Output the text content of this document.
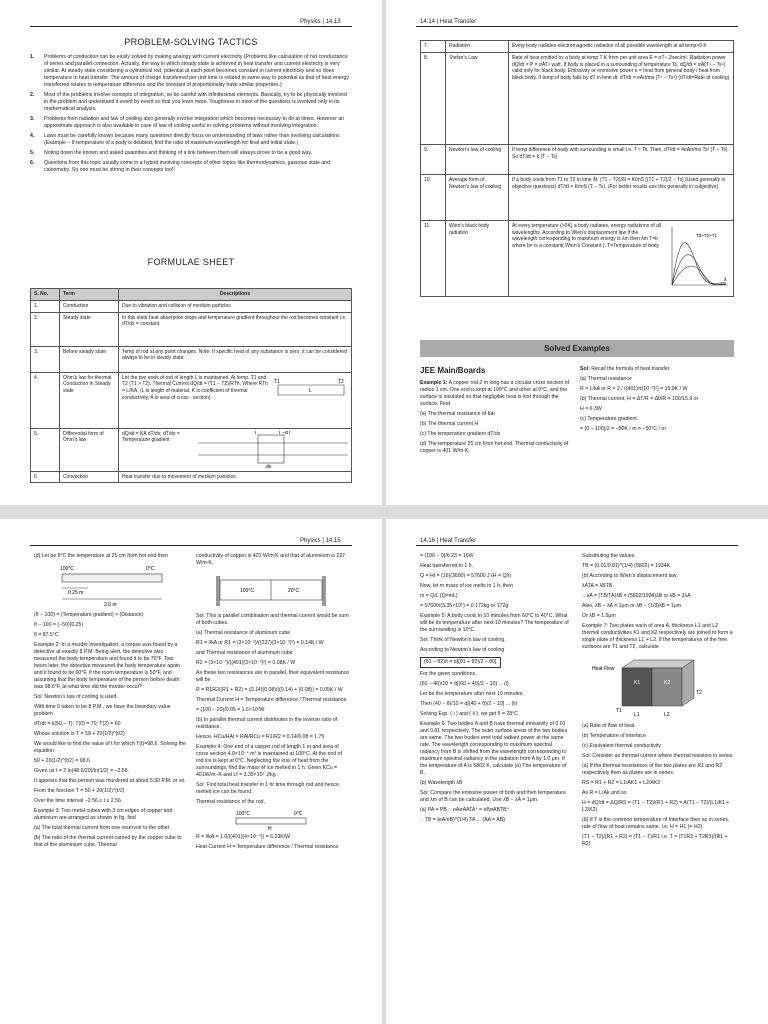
Physics | 14.13
PROBLEM-SOLVING TACTICS
1.	Problems of conduction can be easily solved by making analogy with current electricity (Problems like calculation of net conductance of series and parallel connection. Actually, the way in which steady state is achieved in heat transfer and current electricity is very similar. At steady state considering a cylindrical rod, potential at each point becomes constant in current electricity and so does temperature in heat transfer. The amount of charge transferred per unit time is related in same way to potential as that of heat energy transferred relates to temperature difference and the constant of proportionality have similar properties.)
2.	Most of the problems involve concepts of integration, so be careful with infinitesimal elements. Basically, try to be physically involved in the problem and understand it event by event so that you learn more. Toughness in most of the questions is involved only in its mathematical analysis.
3.	Problems from radiation and law of cooling also generally involve integration which becomes necessary to do at times. However an approximate approach is also available in case of law of cooling useful in solving problems without involving integration.
4.	Laws must be carefully known because many questions directly focus on understanding of laws rather than involving calculations (Example – If temperature of a body is doubled, find the ratio of maximum wavelength for final and initial state.)
5.	Noting down the known and asked quantities and thinking of a link between them will always prove to be a good way.
6.	Questions from this topic usually come in a hybrid involving concepts of other topics like thermodynamics, gaseous state and calorimetry. So one must be strong in their concepts too!!
FORMULAE SHEET
S. No.	Term	Descriptions
1.	Conduction	Due to vibration and collision of medium particles.
2.	Steady state	In this state heat absorption stops and temperature gradient throughout the rod becomes constant i.e. dT/dx = constant.
3.	Before steady state	Temp of rod at any point changes. Note: If specific heat of any substance is zero, it can be considered always to be in steady state.
4.	Ohm's law for thermal Conduction in Steady state	Let the two ends of rod of length L is maintained. At temp. T1 and T2 (T1 > T2). Thermal Current dQ/dt = (T1 − T2)/RTh, Where RTh = L/KA. (L is length of material, K is coefficient of thermal conductivity, A is area of cross - section)
T1 T2
L

5.	Differential form of Ohm's law	dQ/dt = KA dT/dx; dT/dx = Temperature gradient
T T –dT
dx

6.	Convection	Heat transfer due to movement of medium particles.
14.14 | Heat Transfer
7.	Radiation	Every body radiates electromagnetic radiation of all possible wavelength at all temp>0 K
8.	Stefan's Law	Rate of heat emitted by a body at temp T K from per unit area E = σT⁴ J/sec/m². Radiation power dQ/dt = P = σAT⁴ watt. If body is placed in a surrounding of temperature Ts, dQ/dt = σA(T⁴ − Ts⁴) valid only for black body. Emissivity or emmisive power e = heat from general body / heat from black body. If temp of body falls by dT in time dt: dT/dt = eAσ/ms (T⁴ − Ts⁴) (dT/dt=Rate of cooling)
9.	Newton's law of cooling	If temp difference of body with surrounding is small i.e. T ≈ Ts. Then, dT/dt = 4eAσ/ms Ts³ (T − Ts). So dT/dt = k (T − Ts)
10.	Average form of Newton's law of cooling	If a body cools from T1 to T2 in time δt: (T1 − T2)/δt = K/mS [(T1 + T2)/2 − Ts] (Used generally in objective questions) dT/dt = K/mS (T − Ts). (For better results use this generally in subjective)
11.	Wien's black body radiation	At every temperature (>0K) a body radiates, energy radiations of all wavelengths. According to Wien's displacement law if the wavelength corresponding to maximum energy is λm then λm T=b where b= is a constant( Wien's Constant ). T=Temperature of body
T3>T2>T1
λ
Solved Examples
JEE Main/Boards

Example 1: A copper rod 2 m long has a circular cross section of radius 1 cm. One end is kept at 100°C and other at 0°C, and the surface is insulated so that negligible heat is lost through the surface. Find

(a) The thermal resistance of bar

(b) The thermal current H

(c) The temperature gradient dT/dx

(d) The temperature 25 cm from hot end. Thermal conductivity of copper is 401 W/m-K.

Sol: Recall the formula of heat transfer.

(a) Thermal resistance

R = L/kA or R = 2 / ((401)π(10⁻²)²) = 15.9K / W

(b) Thermal current, H = ΔT/R = Δθ/R = 100/15.9 or

H = 6.3W

(c) Temperature gradient.

= (0 − 100)/2 = −50K / m = −50°C / m

Physics | 14.15

(d) Let be θ°C the temperature at 25 cm from hot end then

100°C	0°C
0.25 m
2.0 m

(θ − 100) = (Temperature gradient) × (Distance)

θ − 100 = (−50)(0.25)

θ = 87.5°C

Example 2: In a murder investigation, a corpse was found by a detective at exactly 8 P.M. Being alert, the detective also measured the body temperature and found it to be 70°F. Two hours later, the detective measured the body temperature again and it found to be 60°F. If the room temperature is 50°F, and assuming that the body temperature of the person before death was 98.6°F, at what time did the murder occur?

Sol: Newton's law of cooling is used.

With time 0 taken to be 8 P.M., we have the boundary value problem

dT/dt = k(50 − T); T(0) = 70; T(2) = 60

Whose solution is T = 50 + 20(1/2)^(t/2)

We would like to find the value of t for which T(t)=98.6. Solving the equation

50 + 20(1/2)^(t/2) = 98.6

Given us t = 2 ln(48.6/20)/ln(1/2) = −2.56.

It appears that this person was murdered at about 5:30 P.M. or so.

From the function T = 50 + 20(1/2)^(t/2)

Over the time interval −2.56 ≤ t ≤ 2.56.

Example 3: Two metal cubes with 3 cm edges of copper and aluminium are arranged as shown in fig. find

(a) The total thermal current from one reservoir to the other

(b) The ratio of the thermal current carried by the copper cube to that of the aluminium cube. Thermal

conductivity of copper is 401 W/m-K and that of aluminium is 237 W/m-K.

100°C	20°C

Sol: This is parallel combination and thermal current would be sum of both cubes.

(a) Thermal resistance of aluminum cube

R1 = l/kA or R1 = (3×10⁻²)/((237)(3×10⁻²)²) = 0.14K / W

and Thermal resistance of aluminum cube

R2 = (3×10⁻²)/((401)(3×10⁻²)²) = 0.08K / W

As these two resistances are in parallel, their equivalent resistance will be

R = R1R2/(R1 + R2) = (0.14)(0.08)/((0.14) + (0.08)) = 0.05K / W

Thermal Current H = Temperature difference / Thermal resistance

= (100 − 20)/0.05 = 1.6×10³W

(b) In parallel thermal current distributes in the inverse ratio of resistance.

Hence, HCu/HAl = RAl/RCu = R1/R2 = 0.14/0.08 = 1.75

Example 4: One end of a copper rod of length 1 m and area of cross section 4.0×10⁻⁴ m² is maintained at 100°C. At the end of rod ice is kept at 0°C. Neglecting the loss of heat from the surroundings, find the mass of ice melted in 1 h. Given KCu = 401W/m−K and Lf = 3.35×10⁵ J/kg.

Sol: Find total heat transfer in 1 hr time through rod and hence, melted ice can be found.

Thermal resistance of the rod,

100°C	0°C
H

R = l/kA = 1.0/((401)(4×10⁻⁴)) = 6.23K/W

Heat Current H = Temperature difference / Thermal resistance

14.16 | Heat Transfer

= (100 − 0)/6.23 = 16W

Heat transferred in 1 h,

Q = Ht = (16)(3600) = 57600 J (H = Q/t)

Now, let m mass of ice melts in 1 h, then

m = Q/L (Q=mL)

= 57600/(3.35×10⁵) = 0.172kg or 172g

Example 5: A body cools in 10 minutes from 60°C to 40°C. What will be its temperature after next 10 minutes? The temperature of the surrounding is 10°C.

Sol: Think of Newton's law of cooling.

According to Newton's law of cooling

(θ1 − θ2)/t = α[(θ1 + θ2)/2 − θ0]

For the given conditions,

(60 − 40)/10 = α[(60 + 40)/2 − 10] ... (i)

Let be the temperature after next 10 minutes.

Then (40 − θ)/10 = α[(40 + θ)/2 − 10] ... (ii)

Solving Eqs. ( i ) and ( ii ), we get θ = 28°C

Example 6: Two bodies A and B have thermal emissivity of 0.01 and 0.81 respectively. The outer surface areas of the two bodies are same. The two bodies emit total radiant power at the same rate. The wavelength corresponding to maximum spectral radiancy from B is shifted from the wavelength corresponding to maximum spectral radiancy in the radiation from A by 1.0 μm. If the temperature of A is 5802 K, calculate (a) The temperature of B,

(b) Wavelength λB

Sol: Compare the emissive power of both and then temperature and λm of B can be calculated, Use λB − λA = 1μm.

(a) PA = PB ∴ eAσAATA⁴ = eBσABTB⁴

∴ TB = (eA/eB)^(1/4) TA ... (AA = AB)

Substituting the values

TB = (0.01/0.81)^(1/4) (5802) = 1934K

(b) According to Wien's displacement law,

λATA = λBTB

∴ λA = (TB/TA)λB = (5802/1934)λB or λB = 3λA

Also, λB − λA = 1μm or λB − (1/3)λB = 1μm

Or λB = 1.5μm

Example 7: Two plates each of area A, thickness L1 and L2 thermal conductivities K1 and K2 respectively are joined to form a single plate of thickness L1 + L2. If the temperatures of the free surfaces are T1 and T2, calculate

Heat Flow
K1	K2
T1
T2
L1	L2

(a) Rate of flow of heat

(b) Temperature of interface

(c) Equivalent thermal conductivity

Sol: Consider as thermal current where thermal resistors in series.

(a) If the thermal resistances of the two plates are R1 and R2 respectively then as plates are in series.

RS = R1 + R2 = L1/AK1 + L2/AK2

As R = L/Ak and so

H = dQ/dt = ΔQ/RS = (T1 − T2)/(R1 + R2) = A(T1 − T2)/(L1/K1 + L2/K2)

(b) If T is the common temperature of interface then as in series, rate of flow of heat remains same. i.e. H = H1 (= H2)

(T1 − T2)/(R1 + R2) = (T1 − T)/R1 i.e. T = (T1R2 + T2R1)/(R1 + R2)
